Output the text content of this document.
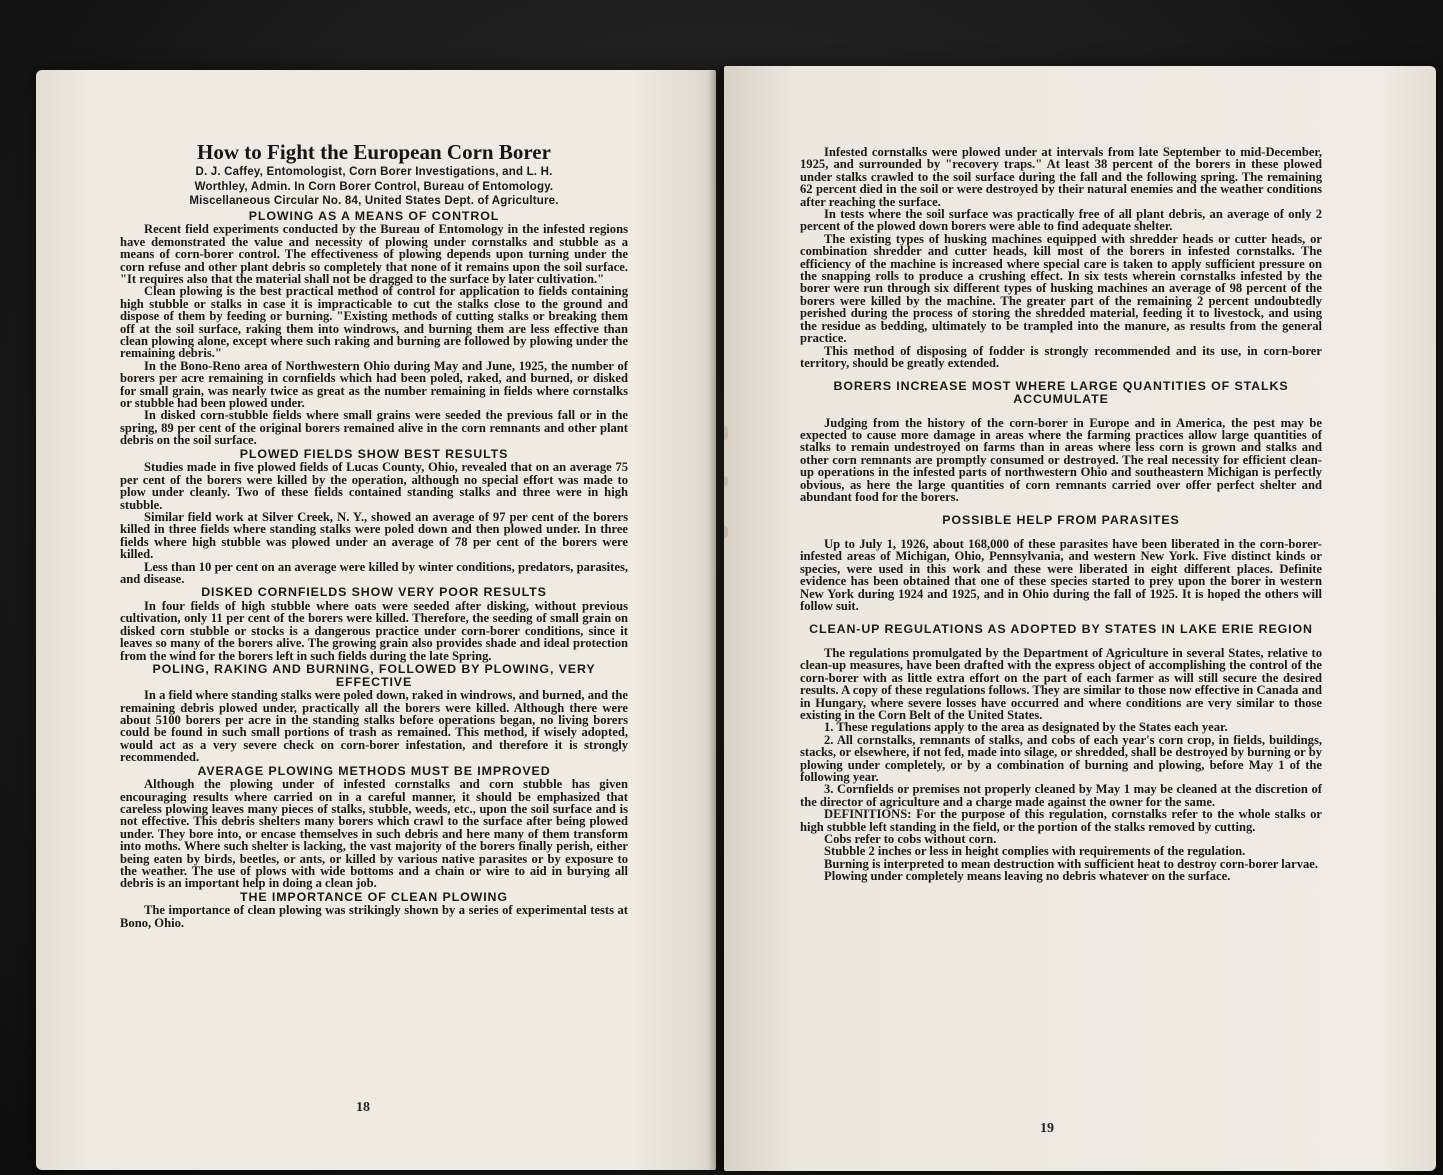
How to Fight the European Corn Borer
D. J. Caffey, Entomologist, Corn Borer Investigations, and L. H.
Worthley, Admin. In Corn Borer Control, Bureau of Entomology.
Miscellaneous Circular No. 84, United States Dept. of Agriculture.
PLOWING AS A MEANS OF CONTROL

Recent field experiments conducted by the Bureau of Entomology in the infested regions have demonstrated the value and necessity of plowing under cornstalks and stubble as a means of corn-borer control. The effectiveness of plowing depends upon turning under the corn refuse and other plant debris so completely that none of it remains upon the soil surface. "It requires also that the material shall not be dragged to the surface by later cultivation."

Clean plowing is the best practical method of control for application to fields containing high stubble or stalks in case it is impracticable to cut the stalks close to the ground and dispose of them by feeding or burning. "Existing methods of cutting stalks or breaking them off at the soil surface, raking them into windrows, and burning them are less effective than clean plowing alone, except where such raking and burning are followed by plowing under the remaining debris."

In the Bono-Reno area of Northwestern Ohio during May and June, 1925, the number of borers per acre remaining in cornfields which had been poled, raked, and burned, or disked for small grain, was nearly twice as great as the number remaining in fields where cornstalks or stubble had been plowed under.

In disked corn-stubble fields where small grains were seeded the previous fall or in the spring, 89 per cent of the original borers remained alive in the corn remnants and other plant debris on the soil surface.

PLOWED FIELDS SHOW BEST RESULTS

Studies made in five plowed fields of Lucas County, Ohio, revealed that on an average 75 per cent of the borers were killed by the operation, although no special effort was made to plow under cleanly. Two of these fields contained standing stalks and three were in high stubble.

Similar field work at Silver Creek, N. Y., showed an average of 97 per cent of the borers killed in three fields where standing stalks were poled down and then plowed under. In three fields where high stubble was plowed under an average of 78 per cent of the borers were killed.

Less than 10 per cent on an average were killed by winter conditions, predators, parasites, and disease.

DISKED CORNFIELDS SHOW VERY POOR RESULTS

In four fields of high stubble where oats were seeded after disking, without previous cultivation, only 11 per cent of the borers were killed. Therefore, the seeding of small grain on disked corn stubble or stocks is a dangerous practice under corn-borer conditions, since it leaves so many of the borers alive. The growing grain also provides shade and ideal protection from the wind for the borers left in such fields during the late Spring.

POLING, RAKING AND BURNING, FOLLOWED BY PLOWING, VERY EFFECTIVE

In a field where standing stalks were poled down, raked in windrows, and burned, and the remaining debris plowed under, practically all the borers were killed. Although there were about 5100 borers per acre in the standing stalks before operations began, no living borers could be found in such small portions of trash as remained. This method, if wisely adopted, would act as a very severe check on corn-borer infestation, and therefore it is strongly recommended.

AVERAGE PLOWING METHODS MUST BE IMPROVED

Although the plowing under of infested cornstalks and corn stubble has given encouraging results where carried on in a careful manner, it should be emphasized that careless plowing leaves many pieces of stalks, stubble, weeds, etc., upon the soil surface and is not effective. This debris shelters many borers which crawl to the surface after being plowed under. They bore into, or encase themselves in such debris and here many of them transform into moths. Where such shelter is lacking, the vast majority of the borers finally perish, either being eaten by birds, beetles, or ants, or killed by various native parasites or by exposure to the weather. The use of plows with wide bottoms and a chain or wire to aid in burying all debris is an important help in doing a clean job.

THE IMPORTANCE OF CLEAN PLOWING

The importance of clean plowing was strikingly shown by a series of experimental tests at Bono, Ohio.

18

Infested cornstalks were plowed under at intervals from late September to mid-December, 1925, and surrounded by "recovery traps." At least 38 percent of the borers in these plowed under stalks crawled to the soil surface during the fall and the following spring. The remaining 62 percent died in the soil or were destroyed by their natural enemies and the weather conditions after reaching the surface.

In tests where the soil surface was practically free of all plant debris, an average of only 2 percent of the plowed down borers were able to find adequate shelter.

The existing types of husking machines equipped with shredder heads or cutter heads, or combination shredder and cutter heads, kill most of the borers in infested cornstalks. The efficiency of the machine is increased where special care is taken to apply sufficient pressure on the snapping rolls to produce a crushing effect. In six tests wherein cornstalks infested by the borer were run through six different types of husking machines an average of 98 percent of the borers were killed by the machine. The greater part of the remaining 2 percent undoubtedly perished during the process of storing the shredded material, feeding it to livestock, and using the residue as bedding, ultimately to be trampled into the manure, as results from the general practice.

This method of disposing of fodder is strongly recommended and its use, in corn-borer territory, should be greatly extended.

BORERS INCREASE MOST WHERE LARGE QUANTITIES OF STALKS ACCUMULATE

Judging from the history of the corn-borer in Europe and in America, the pest may be expected to cause more damage in areas where the farming practices allow large quantities of stalks to remain undestroyed on farms than in areas where less corn is grown and stalks and other corn remnants are promptly consumed or destroyed. The real necessity for efficient clean-up operations in the infested parts of northwestern Ohio and southeastern Michigan is perfectly obvious, as here the large quantities of corn remnants carried over offer perfect shelter and abundant food for the borers.

POSSIBLE HELP FROM PARASITES

Up to July 1, 1926, about 168,000 of these parasites have been liberated in the corn-borer-infested areas of Michigan, Ohio, Pennsylvania, and western New York. Five distinct kinds or species, were used in this work and these were liberated in eight different places. Definite evidence has been obtained that one of these species started to prey upon the borer in western New York during 1924 and 1925, and in Ohio during the fall of 1925. It is hoped the others will follow suit.

CLEAN-UP REGULATIONS AS ADOPTED BY STATES IN LAKE ERIE REGION

The regulations promulgated by the Department of Agriculture in several States, relative to clean-up measures, have been drafted with the express object of accomplishing the control of the corn-borer with as little extra effort on the part of each farmer as will still secure the desired results. A copy of these regulations follows. They are similar to those now effective in Canada and in Hungary, where severe losses have occurred and where conditions are very similar to those existing in the Corn Belt of the United States.

1. These regulations apply to the area as designated by the States each year.

2. All cornstalks, remnants of stalks, and cobs of each year's corn crop, in fields, buildings, stacks, or elsewhere, if not fed, made into silage, or shredded, shall be destroyed by burning or by plowing under completely, or by a combination of burning and plowing, before May 1 of the following year.

3. Cornfields or premises not properly cleaned by May 1 may be cleaned at the discretion of the director of agriculture and a charge made against the owner for the same.

DEFINITIONS: For the purpose of this regulation, cornstalks refer to the whole stalks or high stubble left standing in the field, or the portion of the stalks removed by cutting.

Cobs refer to cobs without corn.

Stubble 2 inches or less in height complies with requirements of the regulation.

Burning is interpreted to mean destruction with sufficient heat to destroy corn-borer larvae.

Plowing under completely means leaving no debris whatever on the surface.

19
